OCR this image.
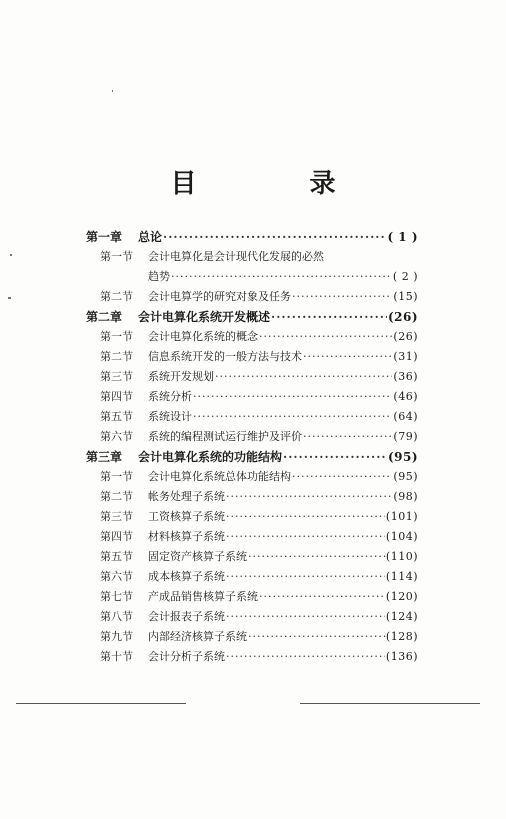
目 录
第一章	总论 ·····	( 1 )
第一节	会计电算化是会计现代化发展的必然
趋势 ·····	( 2 )
第二节	会计电算学的研究对象及任务 ·····	(15)
第二章	会计电算化系统开发概述 ·····	(26)
第一节	会计电算化系统的概念 ·····	(26)
第二节	信息系统开发的一般方法与技术 ·····	(31)
第三节	系统开发规划 ·····	(36)
第四节	系统分析 ·····	(46)
第五节	系统设计 ·····	(64)
第六节	系统的编程测试运行维护及评价 ·····	(79)
第三章	会计电算化系统的功能结构 ·····	(95)
第一节	会计电算化系统总体功能结构 ·····	(95)
第二节	帐务处理子系统 ·····	(98)
第三节	工资核算子系统 ·····	(101)
第四节	材料核算子系统 ·····	(104)
第五节	固定资产核算子系统 ·····	(110)
第六节	成本核算子系统 ·····	(114)
第七节	产成品销售核算子系统 ·····	(120)
第八节	会计报表子系统 ·····	(124)
第九节	内部经济核算子系统 ·····	(128)
第十节	会计分析子系统 ·····	(136)
